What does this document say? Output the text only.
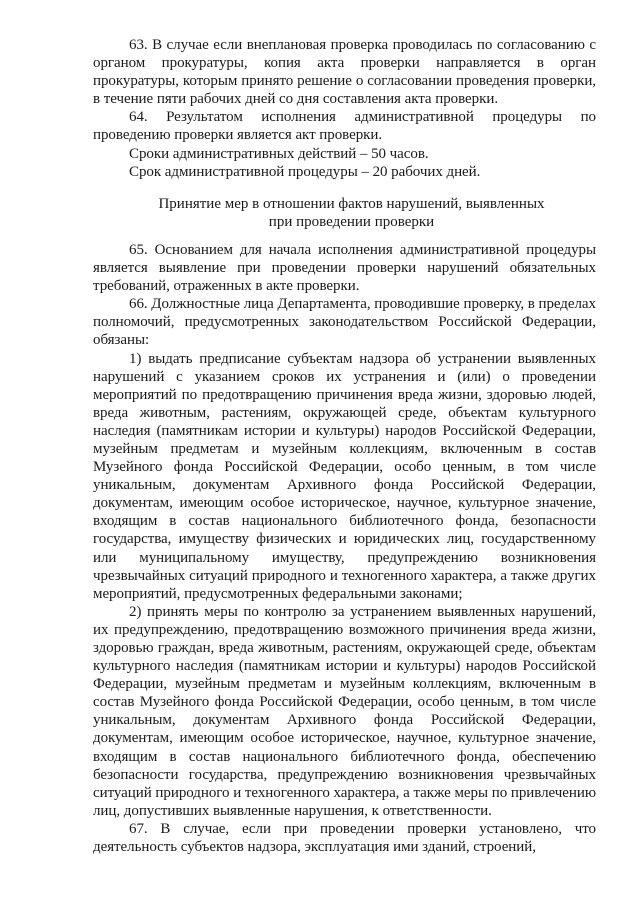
63. В случае если внеплановая проверка проводилась по согласованию с органом прокуратуры, копия акта проверки направляется в орган прокуратуры, которым принято решение о согласовании проведения проверки, в течение пяти рабочих дней со дня составления акта проверки.

64. Результатом исполнения административной процедуры по проведению проверки является акт проверки.

Сроки административных действий – 50 часов.

Срок административной процедуры – 20 рабочих дней.

Принятие мер в отношении фактов нарушений, выявленных
при проведении проверки

65. Основанием для начала исполнения административной процедуры является выявление при проведении проверки нарушений обязательных требований, отраженных в акте проверки.

66. Должностные лица Департамента, проводившие проверку, в пределах полномочий, предусмотренных законодательством Российской Федерации, обязаны:

1) выдать предписание субъектам надзора об устранении выявленных нарушений с указанием сроков их устранения и (или) о проведении мероприятий по предотвращению причинения вреда жизни, здоровью людей, вреда животным, растениям, окружающей среде, объектам культурного наследия (памятникам истории и культуры) народов Российской Федерации, музейным предметам и музейным коллекциям, включенным в состав Музейного фонда Российской Федерации, особо ценным, в том числе уникальным, документам Архивного фонда Российской Федерации, документам, имеющим особое историческое, научное, культурное значение, входящим в состав национального библиотечного фонда, безопасности государства, имуществу физических и юридических лиц, государственному или муниципальному имуществу, предупреждению возникновения чрезвычайных ситуаций природного и техногенного характера, а также других мероприятий, предусмотренных федеральными законами;

2) принять меры по контролю за устранением выявленных нарушений, их предупреждению, предотвращению возможного причинения вреда жизни, здоровью граждан, вреда животным, растениям, окружающей среде, объектам культурного наследия (памятникам истории и культуры) народов Российской Федерации, музейным предметам и музейным коллекциям, включенным в состав Музейного фонда Российской Федерации, особо ценным, в том числе уникальным, документам Архивного фонда Российской Федерации, документам, имеющим особое историческое, научное, культурное значение, входящим в состав национального библиотечного фонда, обеспечению безопасности государства, предупреждению возникновения чрезвычайных ситуаций природного и техногенного характера, а также меры по привлечению лиц, допустивших выявленные нарушения, к ответственности.

67. В случае, если при проведении проверки установлено, что деятельность субъектов надзора, эксплуатация ими зданий, строений,
